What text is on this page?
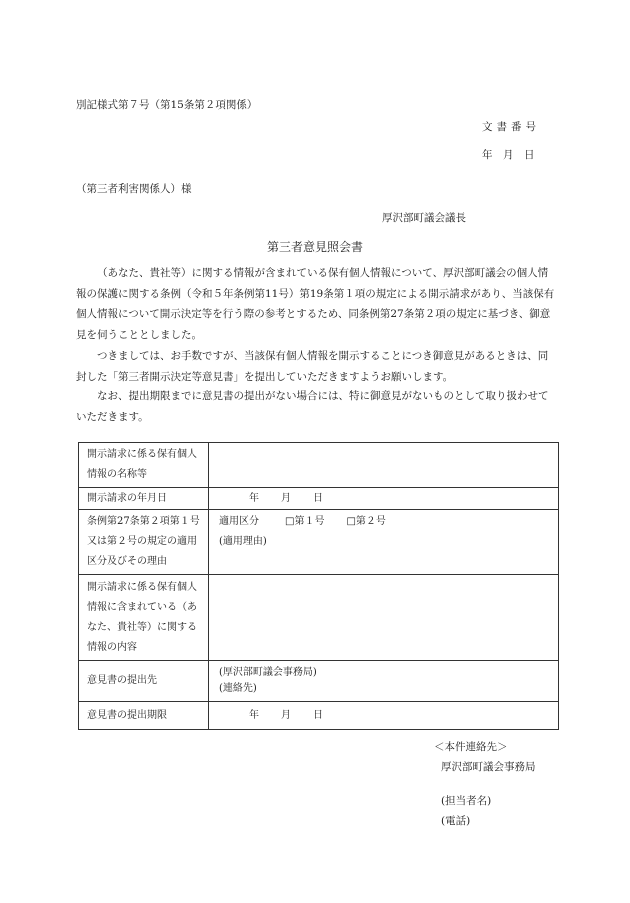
別記様式第７号（第15条第２項関係）
文書番号
年　月　日
（第三者利害関係人）様
厚沢部町議会議長
第三者意見照会書
（あなた、貴社等）に関する情報が含まれている保有個人情報について、厚沢部町議会の個人情報の保護に関する条例（令和５年条例第11号）第19条第１項の規定による開示請求があり、当該保有個人情報について開示決定等を行う際の参考とするため、同条例第27条第２項の規定に基づき、御意見を伺うこととしました。
つきましては、お手数ですが、当該保有個人情報を開示することにつき御意見があるときは、同封した「第三者開示決定等意見書」を提出していただきますようお願いします。
なお、提出期限までに意見書の提出がない場合には、特に御意見がないものとして取り扱わせていただきます。
開示請求に係る保有個人情報の名称等	
開示請求の年月日	年 月 日
条例第27条第２項第１号又は第２号の規定の適用区分及びその理由	適用区分 □第１号 □第２号
(適用理由)

開示請求に係る保有個人情報に含まれている（あなた、貴社等）に関する情報の内容	
意見書の提出先	(厚沢部町議会事務局)
(連絡先)

意見書の提出期限	年 月 日
＜本件連絡先＞
厚沢部町議会事務局
(担当者名)
(電話)
